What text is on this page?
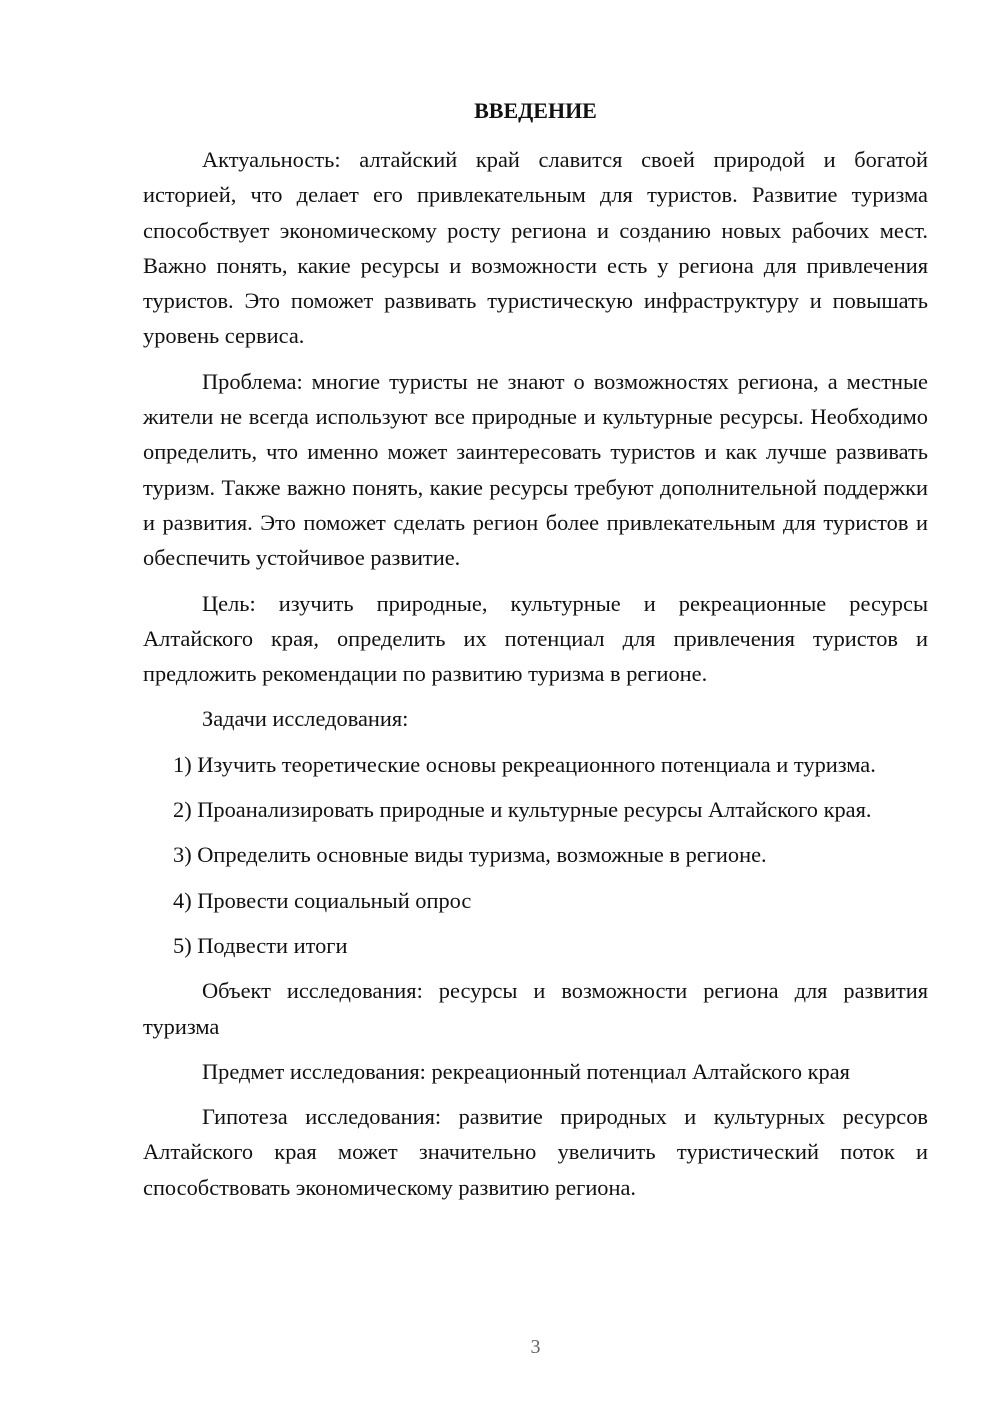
ВВЕДЕНИЕ

Актуальность: алтайский край славится своей природой и богатой историей, что делает его привлекательным для туристов. Развитие туризма способствует экономическому росту региона и созданию новых рабочих мест. Важно понять, какие ресурсы и возможности есть у региона для привлечения туристов. Это поможет развивать туристическую инфраструктуру и повышать уровень сервиса.

Проблема: многие туристы не знают о возможностях региона, а местные жители не всегда используют все природные и культурные ресурсы. Необходимо определить, что именно может заинтересовать туристов и как лучше развивать туризм. Также важно понять, какие ресурсы требуют дополнительной поддержки и развития. Это поможет сделать регион более привлекательным для туристов и обеспечить устойчивое развитие.

Цель: изучить природные, культурные и рекреационные ресурсы Алтайского края, определить их потенциал для привлечения туристов и предложить рекомендации по развитию туризма в регионе.

Задачи исследования:

1) Изучить теоретические основы рекреационного потенциала и туризма.

2) Проанализировать природные и культурные ресурсы Алтайского края.

3) Определить основные виды туризма, возможные в регионе.

4) Провести социальный опрос

5) Подвести итоги

Объект исследования: ресурсы и возможности региона для развития туризма

Предмет исследования: рекреационный потенциал Алтайского края

Гипотеза исследования: развитие природных и культурных ресурсов Алтайского края может значительно увеличить туристический поток и способствовать экономическому развитию региона.

3
